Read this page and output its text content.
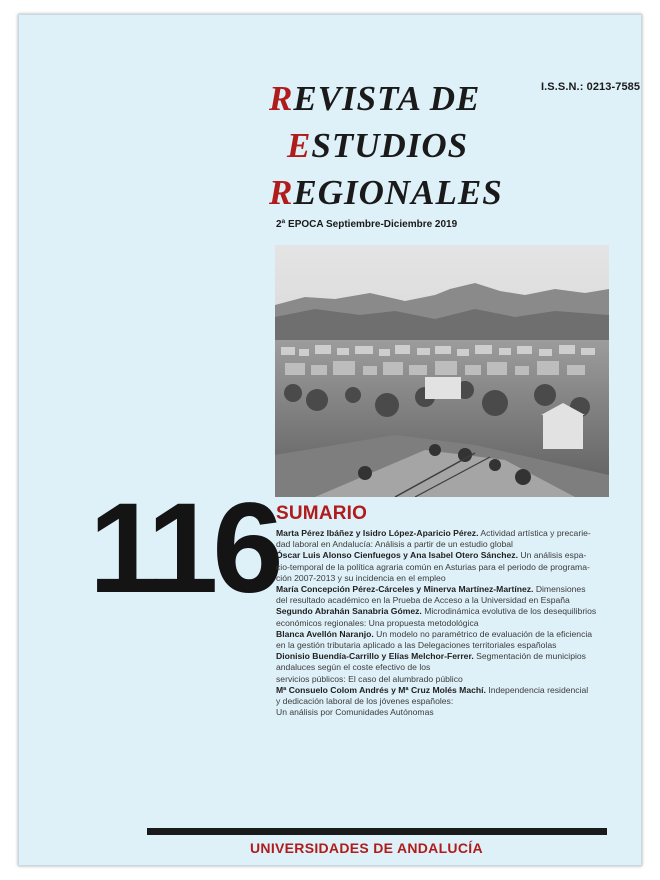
I.S.S.N.: 0213-7585
REVISTA DE
ESTUDIOS
REGIONALES
2ª EPOCA Septiembre-Diciembre 2019
116
SUMARIO
Marta Pérez Ibáñez y Isidro López-Aparicio Pérez. Actividad artística y precarie-
dad laboral en Andalucía: Análisis a partir de un estudio global
Óscar Luis Alonso Cienfuegos y Ana Isabel Otero Sánchez. Un análisis espa-
cio-temporal de la política agraria común en Asturias para el periodo de programa-
ción 2007-2013 y su incidencia en el empleo
María Concepción Pérez-Cárceles y Minerva Martínez-Martínez. Dimensiones
del resultado académico en la Prueba de Acceso a la Universidad en España
Segundo Abrahán Sanabria Gómez. Microdinámica evolutiva de los desequilibrios
económicos regionales: Una propuesta metodológica
Blanca Avellón Naranjo. Un modelo no paramétrico de evaluación de la eficiencia
en la gestión tributaria aplicado a las Delegaciones territoriales españolas
Dionisio Buendía-Carrillo y Elías Melchor-Ferrer. Segmentación de municipios
andaluces según el coste efectivo de los
servicios públicos: El caso del alumbrado público
Mª Consuelo Colom Andrés y Mª Cruz Molés Machí. Independencia residencial
y dedicación laboral de los jóvenes españoles:
Un análisis por Comunidades Autónomas
UNIVERSIDADES DE ANDALUCÍA
